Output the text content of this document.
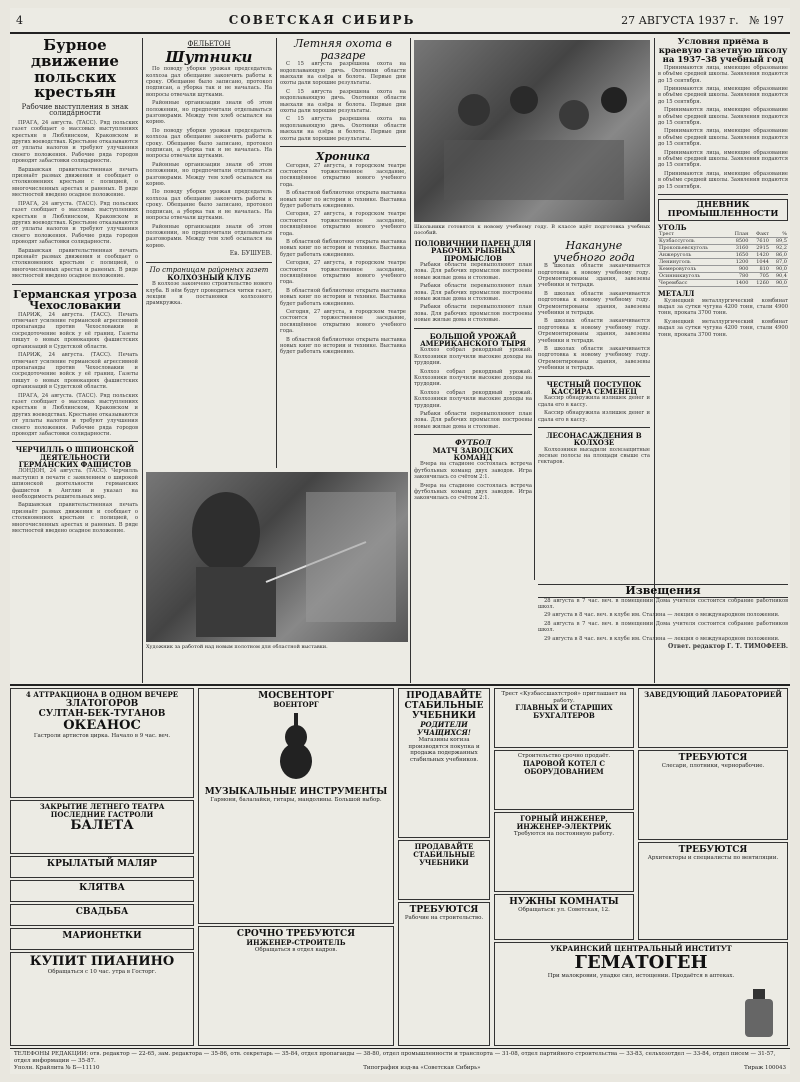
4	СОВЕТСКАЯ СИБИРЬ	27 АВГУСТА 1937 г. № 197
Бурное движение польских крестьян
Рабочие выступления в знак солидарности

ПРАГА, 24 августа. (ТАСС). Ряд польских газет сообщает о массовых выступлениях крестьян в Люблинском, Краковском и других воеводствах. Крестьяне отказываются от уплаты налогов и требуют улучшения своего положения. Рабочие ряда городов проводят забастовки солидарности.

Варшавская правительственная печать признаёт размах движения и сообщает о столкновениях крестьян с полицией, о многочисленных арестах и раненых. В ряде местностей введено осадное положение.

ПРАГА, 24 августа. (ТАСС). Ряд польских газет сообщает о массовых выступлениях крестьян в Люблинском, Краковском и других воеводствах. Крестьяне отказываются от уплаты налогов и требуют улучшения своего положения. Рабочие ряда городов проводят забастовки солидарности.

Варшавская правительственная печать признаёт размах движения и сообщает о столкновениях крестьян с полицией, о многочисленных арестах и раненых. В ряде местностей введено осадное положение.

Германская угроза Чехословакии

ПАРИЖ, 24 августа. (ТАСС). Печать отмечает усиление германской агрессивной пропаганды против Чехословакии и сосредоточение войск у её границ. Газеты пишут о новых провокациях фашистских организаций в Судетской области.

ПАРИЖ, 24 августа. (ТАСС). Печать отмечает усиление германской агрессивной пропаганды против Чехословакии и сосредоточение войск у её границ. Газеты пишут о новых провокациях фашистских организаций в Судетской области.

ПРАГА, 24 августа. (ТАСС). Ряд польских газет сообщает о массовых выступлениях крестьян в Люблинском, Краковском и других воеводствах. Крестьяне отказываются от уплаты налогов и требуют улучшения своего положения. Рабочие ряда городов проводят забастовки солидарности.

ЧЕРЧИЛЛЬ О ШПИОНСКОЙ ДЕЯТЕЛЬНОСТИ ГЕРМАНСКИХ ФАШИСТОВ

ЛОНДОН, 24 августа. (ТАСС). Черчилль выступил в печати с заявлением о широкой шпионской деятельности германских фашистов в Англии и указал на необходимость решительных мер.

Варшавская правительственная печать признаёт размах движения и сообщает о столкновениях крестьян с полицией, о многочисленных арестах и раненых. В ряде местностей введено осадное положение.

ФЕЛЬЕТОН
Шутники

По поводу уборки урожая председатель колхоза дал обещание закончить работы к сроку. Обещание было записано, протокол подписан, а уборка так и не началась. На вопросы отвечали шутками.

Районные организации знали об этом положении, но предпочитали отделываться разговорами. Между тем хлеб осыпался на корню.

По поводу уборки урожая председатель колхоза дал обещание закончить работы к сроку. Обещание было записано, протокол подписан, а уборка так и не началась. На вопросы отвечали шутками.

Районные организации знали об этом положении, но предпочитали отделываться разговорами. Между тем хлеб осыпался на корню.

По поводу уборки урожая председатель колхоза дал обещание закончить работы к сроку. Обещание было записано, протокол подписан, а уборка так и не началась. На вопросы отвечали шутками.

Районные организации знали об этом положении, но предпочитали отделываться разговорами. Между тем хлеб осыпался на корню.

Ев. БУШУЕВ.
По страницам районных газет
КОЛХОЗНЫЙ КЛУБ

В колхозе закончено строительство нового клуба. В нём будут проводиться читки газет, лекции и постановки колхозного драмкружка.

Летняя охота в разгаре

С 15 августа разрешена охота на водоплавающую дичь. Охотники области выехали на озёра и болота. Первые дни охоты дали хорошие результаты.

С 15 августа разрешена охота на водоплавающую дичь. Охотники области выехали на озёра и болота. Первые дни охоты дали хорошие результаты.

С 15 августа разрешена охота на водоплавающую дичь. Охотники области выехали на озёра и болота. Первые дни охоты дали хорошие результаты.

Хроника

Сегодня, 27 августа, в городском театре состоится торжественное заседание, посвящённое открытию нового учебного года.

В областной библиотеке открыта выставка новых книг по истории и технике. Выставка будет работать ежедневно.

Сегодня, 27 августа, в городском театре состоится торжественное заседание, посвящённое открытию нового учебного года.

В областной библиотеке открыта выставка новых книг по истории и технике. Выставка будет работать ежедневно.

Сегодня, 27 августа, в городском театре состоится торжественное заседание, посвящённое открытию нового учебного года.

В областной библиотеке открыта выставка новых книг по истории и технике. Выставка будет работать ежедневно.

Сегодня, 27 августа, в городском театре состоится торжественное заседание, посвящённое открытию нового учебного года.

В областной библиотеке открыта выставка новых книг по истории и технике. Выставка будет работать ежедневно.

Школьники готовятся к новому учебному году. В классе идёт подготовка учебных пособий.
ПОЛОВИЧНИЙ ПАРЕН ДЛЯ РАБОЧИХ РЫБНЫХ ПРОМЫСЛОВ

Рыбаки области перевыполняют план лова. Для рабочих промыслов построены новые жилые дома и столовые.

Рыбаки области перевыполняют план лова. Для рабочих промыслов построены новые жилые дома и столовые.

Рыбаки области перевыполняют план лова. Для рабочих промыслов построены новые жилые дома и столовые.

БОЛЬШОЙ УРОЖАЙ АМЕРИКАНСКОГО ТЫРЯ

Колхоз собрал рекордный урожай. Колхозники получили высокие доходы на трудодни.

Колхоз собрал рекордный урожай. Колхозники получили высокие доходы на трудодни.

Колхоз собрал рекордный урожай. Колхозники получили высокие доходы на трудодни.

Рыбаки области перевыполняют план лова. Для рабочих промыслов построены новые жилые дома и столовые.

ФУТБОЛ
МАТЧ ЗАВОДСКИХ КОМАНД

Вчера на стадионе состоялась встреча футбольных команд двух заводов. Игра закончилась со счётом 2:1.

Вчера на стадионе состоялась встреча футбольных команд двух заводов. Игра закончилась со счётом 2:1.

Накануне учебного года

В школах области заканчивается подготовка к новому учебному году. Отремонтированы здания, завезены учебники и тетради.

В школах области заканчивается подготовка к новому учебному году. Отремонтированы здания, завезены учебники и тетради.

В школах области заканчивается подготовка к новому учебному году. Отремонтированы здания, завезены учебники и тетради.

В школах области заканчивается подготовка к новому учебному году. Отремонтированы здания, завезены учебники и тетради.

ЧЕСТНЫЙ ПОСТУПОК КАССИРА СЕМЕНЕЦ

Кассир обнаружила излишек денег и сдала его в кассу.

Кассир обнаружила излишек денег и сдала его в кассу.

ЛЕСОНАСАЖДЕНИЯ В КОЛХОЗЕ

Колхозники высадили полезащитные лесные полосы на площади свыше ста гектаров.

Условия приёма в краевую газетную школу на 1937–38 учебный год

Принимаются лица, имеющие образование в объёме средней школы. Заявления подаются до 15 сентября.

Принимаются лица, имеющие образование в объёме средней школы. Заявления подаются до 15 сентября.

Принимаются лица, имеющие образование в объёме средней школы. Заявления подаются до 15 сентября.

Принимаются лица, имеющие образование в объёме средней школы. Заявления подаются до 15 сентября.

Принимаются лица, имеющие образование в объёме средней школы. Заявления подаются до 15 сентября.

Принимаются лица, имеющие образование в объёме средней школы. Заявления подаются до 15 сентября.

ДНЕВНИК ПРОМЫШЛЕННОСТИ
УГОЛЬ
Трест	План	Факт	%
Кузбассуголь	8500	7610	89,5
Прокопьевскуголь	3160	2915	92,2
Анжеруголь	1650	1420	86,0
Ленинуголь	1200	1044	87,0
Кемеровуголь	900	810	90,0
Осинникиуголь	780	705	90,4
Черембасс	1400	1260	90,0
МЕТАЛЛ

Кузнецкий металлургический комбинат выдал за сутки чугуна 4200 тонн, стали 4900 тонн, проката 3700 тонн.

Кузнецкий металлургический комбинат выдал за сутки чугуна 4200 тонн, стали 4900 тонн, проката 3700 тонн.

Художник за работой над новым полотном для областной выставки.
Извещения

28 августа в 7 час. веч. в помещении Дома учителя состоится собрание работников школ.

29 августа в 8 час. веч. в клубе им. Сталина — лекция о международном положении.

28 августа в 7 час. веч. в помещении Дома учителя состоится собрание работников школ.

29 августа в 8 час. веч. в клубе им. Сталина — лекция о международном положении.

Ответ. редактор Г. Т. ТИМОФЕЕВ.
4 АТТРАКЦИОНА В ОДНОМ ВЕЧЕРЕ
ЗЛАТОГОРОВ
СУЛТАН-БЕК-ТУГАНОВ
ОКЕАНОС
Гастроли артистов цирка. Начало в 9 час. веч.
ЗАКРЫТИЕ ЛЕТНЕГО ТЕАТРА
ПОСЛЕДНИЕ ГАСТРОЛИ
БАЛЕТА
КРЫЛАТЫЙ МАЛЯР
КЛЯТВА
СВАДЬБА
МАРИОНЕТКИ
КУПИТ ПИАНИНО
Обращаться с 10 час. утра в Госторг.
МОСВЕНТОРГ
ВОЕНТОРГ
МУЗЫКАЛЬНЫЕ ИНСТРУМЕНТЫ
Гармони, балалайки, гитары, мандолины. Большой выбор.
СРОЧНО ТРЕБУЮТСЯ
ИНЖЕНЕР-СТРОИТЕЛЬ
Обращаться в отдел кадров.
ПРОДАВАЙТЕ СТАБИЛЬНЫЕ УЧЕБНИКИ
РОДИТЕЛИ УЧАЩИХСЯ!
Магазины когиза производятся покупка и продажа подержанных стабильных учебников.
ПРОДАВАЙТЕ СТАБИЛЬНЫЕ УЧЕБНИКИ
ТРЕБУЮТСЯ
Рабочие на строительство.
Трест «Кузбассшахтстрой» приглашает на работу.
ГЛАВНЫХ И СТАРШИХ БУХГАЛТЕРОВ
Строительство срочно продаёт.
ПАРОВОЙ КОТЕЛ С ОБОРУДОВАНИЕМ
ГОРНЫЙ ИНЖЕНЕР, ИНЖЕНЕР-ЭЛЕКТРИК
Требуются на постоянную работу.
НУЖНЫ КОМНАТЫ
Обращаться: ул. Советская, 12.
УКРАИНСКИЙ ЦЕНТРАЛЬНЫЙ ИНСТИТУТ
ГЕМАТОГЕН
При малокровии, упадке сил, истощении. Продаётся в аптеках.
ЗАВЕДУЮЩИЙ ЛАБОРАТОРИЕЙ
ТРЕБУЮТСЯ
Слесари, плотники, чернорабочие.
ТРЕБУЮТСЯ
Архитекторы и специалисты по вентиляции.
ТЕЛЕФОНЫ РЕДАКЦИИ: отв. редактор — 22-65, зам. редактора — 35-86, отв. секретарь — 35-84, отдел пропаганды — 38-80, отдел промышленности и транспорта — 31-08, отдел партийного строительства — 33-83, сельхозотдел — 33-84, отдел писем — 31-57, отдел информации — 35-87.
Уполн. Крайлита № Б—11110	Типография изд-ва «Советская Сибирь»	Тираж 100043
